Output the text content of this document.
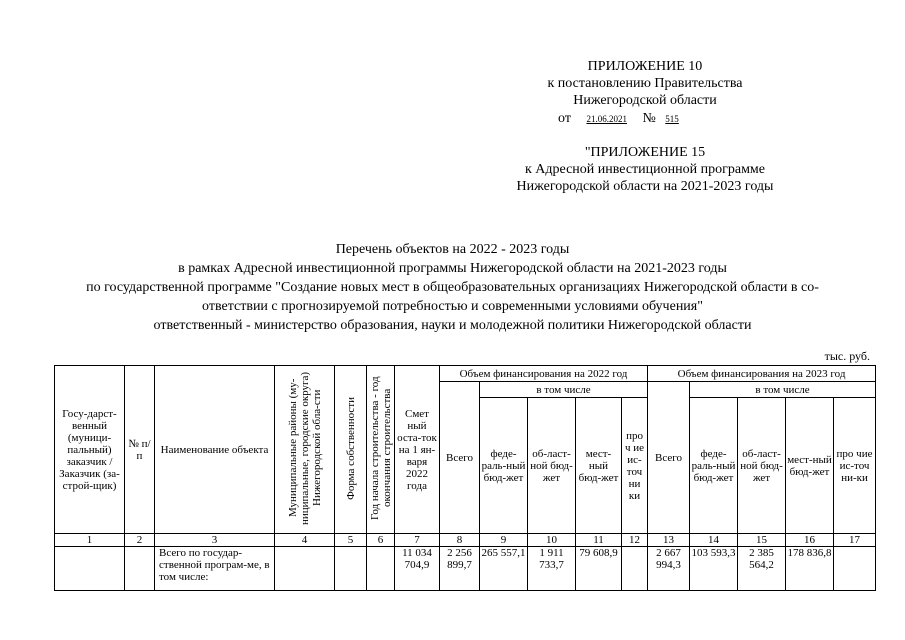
ПРИЛОЖЕНИЕ 10
к постановлению Правительства
Нижегородской области
от 21.06.2021 № 515
"ПРИЛОЖЕНИЕ 15
к Адресной инвестиционной программе
Нижегородской области на 2021-2023 годы
Перечень объектов на 2022 - 2023 годы
в рамках Адресной инвестиционной программы Нижегородской области на 2021-2023 годы
по государственной программе "Создание новых мест в общеобразовательных организациях Нижегородской области в со-
ответствии с прогнозируемой потребностью и современными условиями обучения"
ответственный - министерство образования, науки и молодежной политики Нижегородской области
тыс. руб.
Госу-дарст-венный (муници-пальный) заказчик / Заказчик (за-строй-щик)	№ п/п	Наименование объекта	Муниципальные районы (му-ниципальные, городские округа) Нижегородской обла-сти	Форма собственности	Год начала строительства - год окончания строительства	Смет ный оста-ток на 1 ян-варя 2022 года	Объем финансирования на 2022 год					Объем финансирования на 2023 год				
							Всего	в том числе				Всего	в том числе			
								феде-раль-ный бюд-жет	об-ласт-ной бюд-жет	мест-ный бюд-жет	про ч ие ис-точ ни ки		феде-раль-ный бюд-жет	об-ласт-ной бюд-жет	мест-ный бюд-жет	про чие ис-точ ни-ки
1	2	3	4	5	6	7	8	9	10	11	12	13	14	15	16	17
		Всего по государ-ственной програм-ме, в том числе:				11 034 704,9	2 256 899,7	265 557,1	1 911 733,7	79 608,9		2 667 994,3	103 593,3	2 385 564,2	178 836,8	
